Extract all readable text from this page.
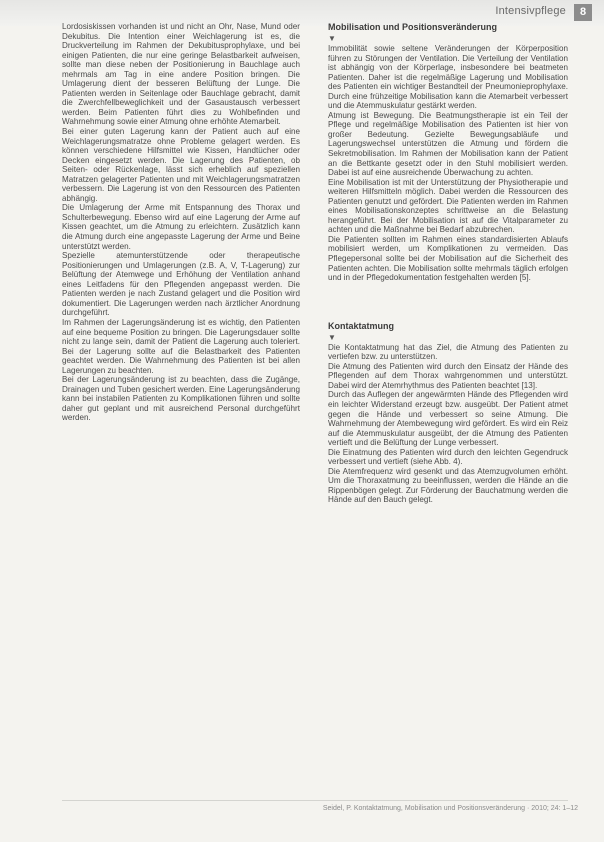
Intensivpflege	8

Lordosiskissen vorhanden ist und nicht an Ohr, Nase, Mund oder Dekubitus. Die Intention einer Weichlagerung ist es, die Druckverteilung im Rahmen der Dekubitusprophylaxe, und bei einigen Patienten, die nur eine geringe Belastbarkeit aufweisen, sollte man diese neben der Positionierung in Bauchlage auch mehrmals am Tag in eine andere Position bringen. Die Umlagerung dient der besseren Belüftung der Lunge. Die Patienten werden in Seitenlage oder Bauchlage gebracht, damit die Zwerchfellbeweglichkeit und der Gasaustausch verbessert werden. Beim Patienten führt dies zu Wohlbefinden und Wahrnehmung sowie einer Atmung ohne erhöhte Atemarbeit.

Bei einer guten Lagerung kann der Patient auch auf eine Weichlagerungsmatratze ohne Probleme gelagert werden. Es können verschiedene Hilfsmittel wie Kissen, Handtücher oder Decken eingesetzt werden. Die Lagerung des Patienten, ob Seiten- oder Rückenlage, lässt sich erheblich auf speziellen Matratzen gelagerter Patienten und mit Weichlagerungsmatratzen verbessern. Die Lagerung ist von den Ressourcen des Patienten abhängig.

Die Umlagerung der Arme mit Entspannung des Thorax und Schulterbewegung. Ebenso wird auf eine Lagerung der Arme auf Kissen geachtet, um die Atmung zu erleichtern. Zusätzlich kann die Atmung durch eine angepasste Lagerung der Arme und Beine unterstützt werden.

Spezielle atemunterstützende oder therapeutische Positionierungen und Umlagerungen (z.B. A, V, T-Lagerung) zur Belüftung der Atemwege und Erhöhung der Ventilation anhand eines Leitfadens für den Pflegenden angepasst werden. Die Patienten werden je nach Zustand gelagert und die Position wird dokumentiert. Die Lagerungen werden nach ärztlicher Anordnung durchgeführt.

Im Rahmen der Lagerungsänderung ist es wichtig, den Patienten auf eine bequeme Position zu bringen. Die Lagerungsdauer sollte nicht zu lange sein, damit der Patient die Lagerung auch toleriert. Bei der Lagerung sollte auf die Belastbarkeit des Patienten geachtet werden. Die Wahrnehmung des Patienten ist bei allen Lagerungen zu beachten.

Bei der Lagerungsänderung ist zu beachten, dass die Zugänge, Drainagen und Tuben gesichert werden. Eine Lagerungsänderung kann bei instabilen Patienten zu Komplikationen führen und sollte daher gut geplant und mit ausreichend Personal durchgeführt werden.

Mobilisation und Positionsveränderung
▼

Immobilität sowie seltene Veränderungen der Körperposition führen zu Störungen der Ventilation. Die Verteilung der Ventilation ist abhängig von der Körperlage, insbesondere bei beatmeten Patienten. Daher ist die regelmäßige Lagerung und Mobilisation des Patienten ein wichtiger Bestandteil der Pneumonieprophylaxe. Durch eine frühzeitige Mobilisation kann die Atemarbeit verbessert und die Atemmuskulatur gestärkt werden.

Atmung ist Bewegung. Die Beatmungstherapie ist ein Teil der Pflege und regelmäßige Mobilisation des Patienten ist hier von großer Bedeutung. Gezielte Bewegungsabläufe und Lagerungswechsel unterstützen die Atmung und fördern die Sekretmobilisation. Im Rahmen der Mobilisation kann der Patient an die Bettkante gesetzt oder in den Stuhl mobilisiert werden. Dabei ist auf eine ausreichende Überwachung zu achten.

Eine Mobilisation ist mit der Unterstützung der Physiotherapie und weiteren Hilfsmitteln möglich. Dabei werden die Ressourcen des Patienten genutzt und gefördert. Die Patienten werden im Rahmen eines Mobilisationskonzeptes schrittweise an die Belastung herangeführt. Bei der Mobilisation ist auf die Vitalparameter zu achten und die Maßnahme bei Bedarf abzubrechen.

Die Patienten sollten im Rahmen eines standardisierten Ablaufs mobilisiert werden, um Komplikationen zu vermeiden. Das Pflegepersonal sollte bei der Mobilisation auf die Sicherheit des Patienten achten. Die Mobilisation sollte mehrmals täglich erfolgen und in der Pflegedokumentation festgehalten werden [5].

Kontaktatmung
▼

Die Kontaktatmung hat das Ziel, die Atmung des Patienten zu vertiefen bzw. zu unterstützen.

Die Atmung des Patienten wird durch den Einsatz der Hände des Pflegenden auf dem Thorax wahrgenommen und unterstützt. Dabei wird der Atemrhythmus des Patienten beachtet [13].

Durch das Auflegen der angewärmten Hände des Pflegenden wird ein leichter Widerstand erzeugt bzw. ausgeübt. Der Patient atmet gegen die Hände und verbessert so seine Atmung. Die Wahrnehmung der Atembewegung wird gefördert. Es wird ein Reiz auf die Atemmuskulatur ausgeübt, der die Atmung des Patienten vertieft und die Belüftung der Lunge verbessert.

Die Einatmung des Patienten wird durch den leichten Gegendruck verbessert und vertieft (siehe Abb. 4).

Die Atemfrequenz wird gesenkt und das Atemzugvolumen erhöht. Um die Thoraxatmung zu beeinflussen, werden die Hände an die Rippenbögen gelegt. Zur Förderung der Bauchatmung werden die Hände auf den Bauch gelegt.

Seidel, P. Kontaktatmung, Mobilisation und Positionsveränderung · 2010; 24: 1–12
